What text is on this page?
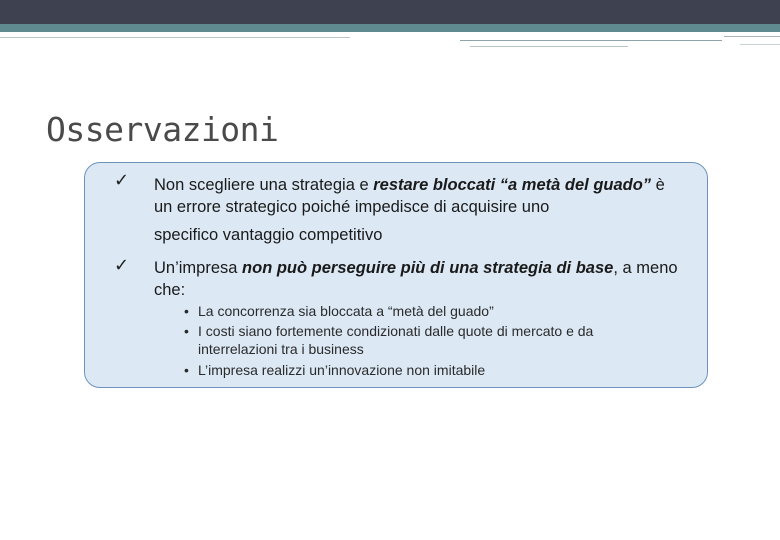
Osservazioni
✓ Non scegliere una strategia e restare bloccati “a metà del guado” è un errore strategico poiché impedisce di acquisire uno
specifico vantaggio competitivo
✓ Un’impresa non può perseguire più di una strategia di base, a meno che:
• La concorrenza sia bloccata a “metà del guado”
• I costi siano fortemente condizionati dalle quote di mercato e da
interrelazioni tra i business
• L’impresa realizzi un’innovazione non imitabile
